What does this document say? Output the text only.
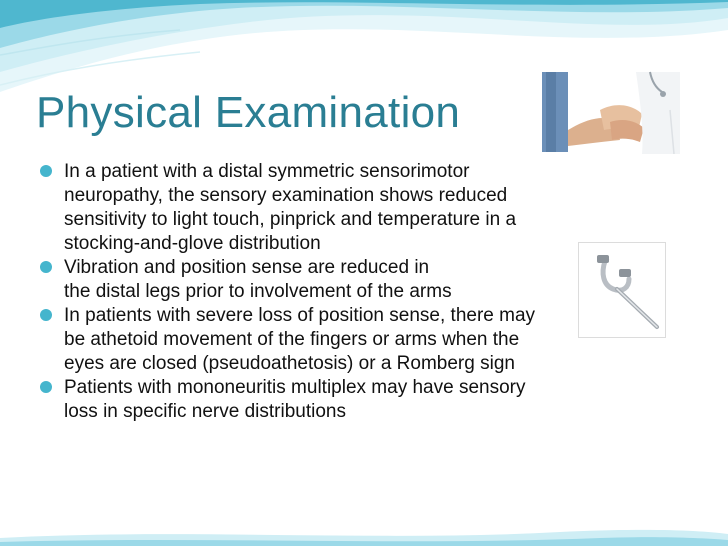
Physical Examination
In a patient with a distal symmetric sensorimotor
neuropathy, the sensory examination shows reduced
sensitivity to light touch, pinprick and temperature in a
stocking-and-glove distribution
Vibration and position sense are reduced in
the distal legs prior to involvement of the arms
In patients with severe loss of position sense, there may
be athetoid movement of the fingers or arms when the
eyes are closed (pseudoathetosis) or a Romberg sign
Patients with mononeuritis multiplex may have sensory
loss in specific nerve distributions
